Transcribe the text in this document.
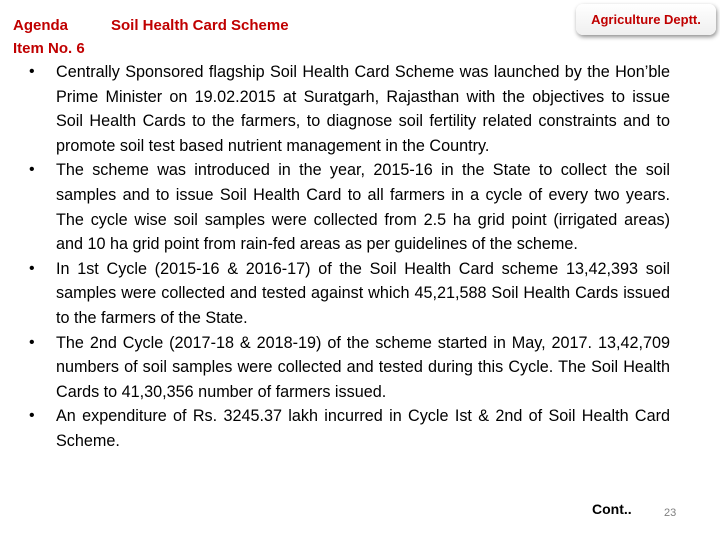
Agenda
Item No. 6
Soil Health Card Scheme	Agriculture Deptt.
• Centrally Sponsored flagship Soil Health Card Scheme was launched by the Hon’ble Prime Minister on 19.02.2015 at Suratgarh, Rajasthan with the objectives to issue Soil Health Cards to the farmers, to diagnose soil fertility related constraints and to promote soil test based nutrient management in the Country.
• The scheme was introduced in the year, 2015-16 in the State to collect the soil samples and to issue Soil Health Card to all farmers in a cycle of every two years. The cycle wise soil samples were collected from 2.5 ha grid point (irrigated areas) and 10 ha grid point from rain-fed areas as per guidelines of the scheme.
• In 1st Cycle (2015-16 & 2016-17) of the Soil Health Card scheme 13,42,393 soil samples were collected and tested against which 45,21,588 Soil Health Cards issued to the farmers of the State.
• The 2nd Cycle (2017-18 & 2018-19) of the scheme started in May, 2017. 13,42,709 numbers of soil samples were collected and tested during this Cycle. The Soil Health Cards to 41,30,356 number of farmers issued.
• An expenditure of Rs. 3245.37 lakh incurred in Cycle Ist & 2nd of Soil Health Card Scheme.
Cont..	23
